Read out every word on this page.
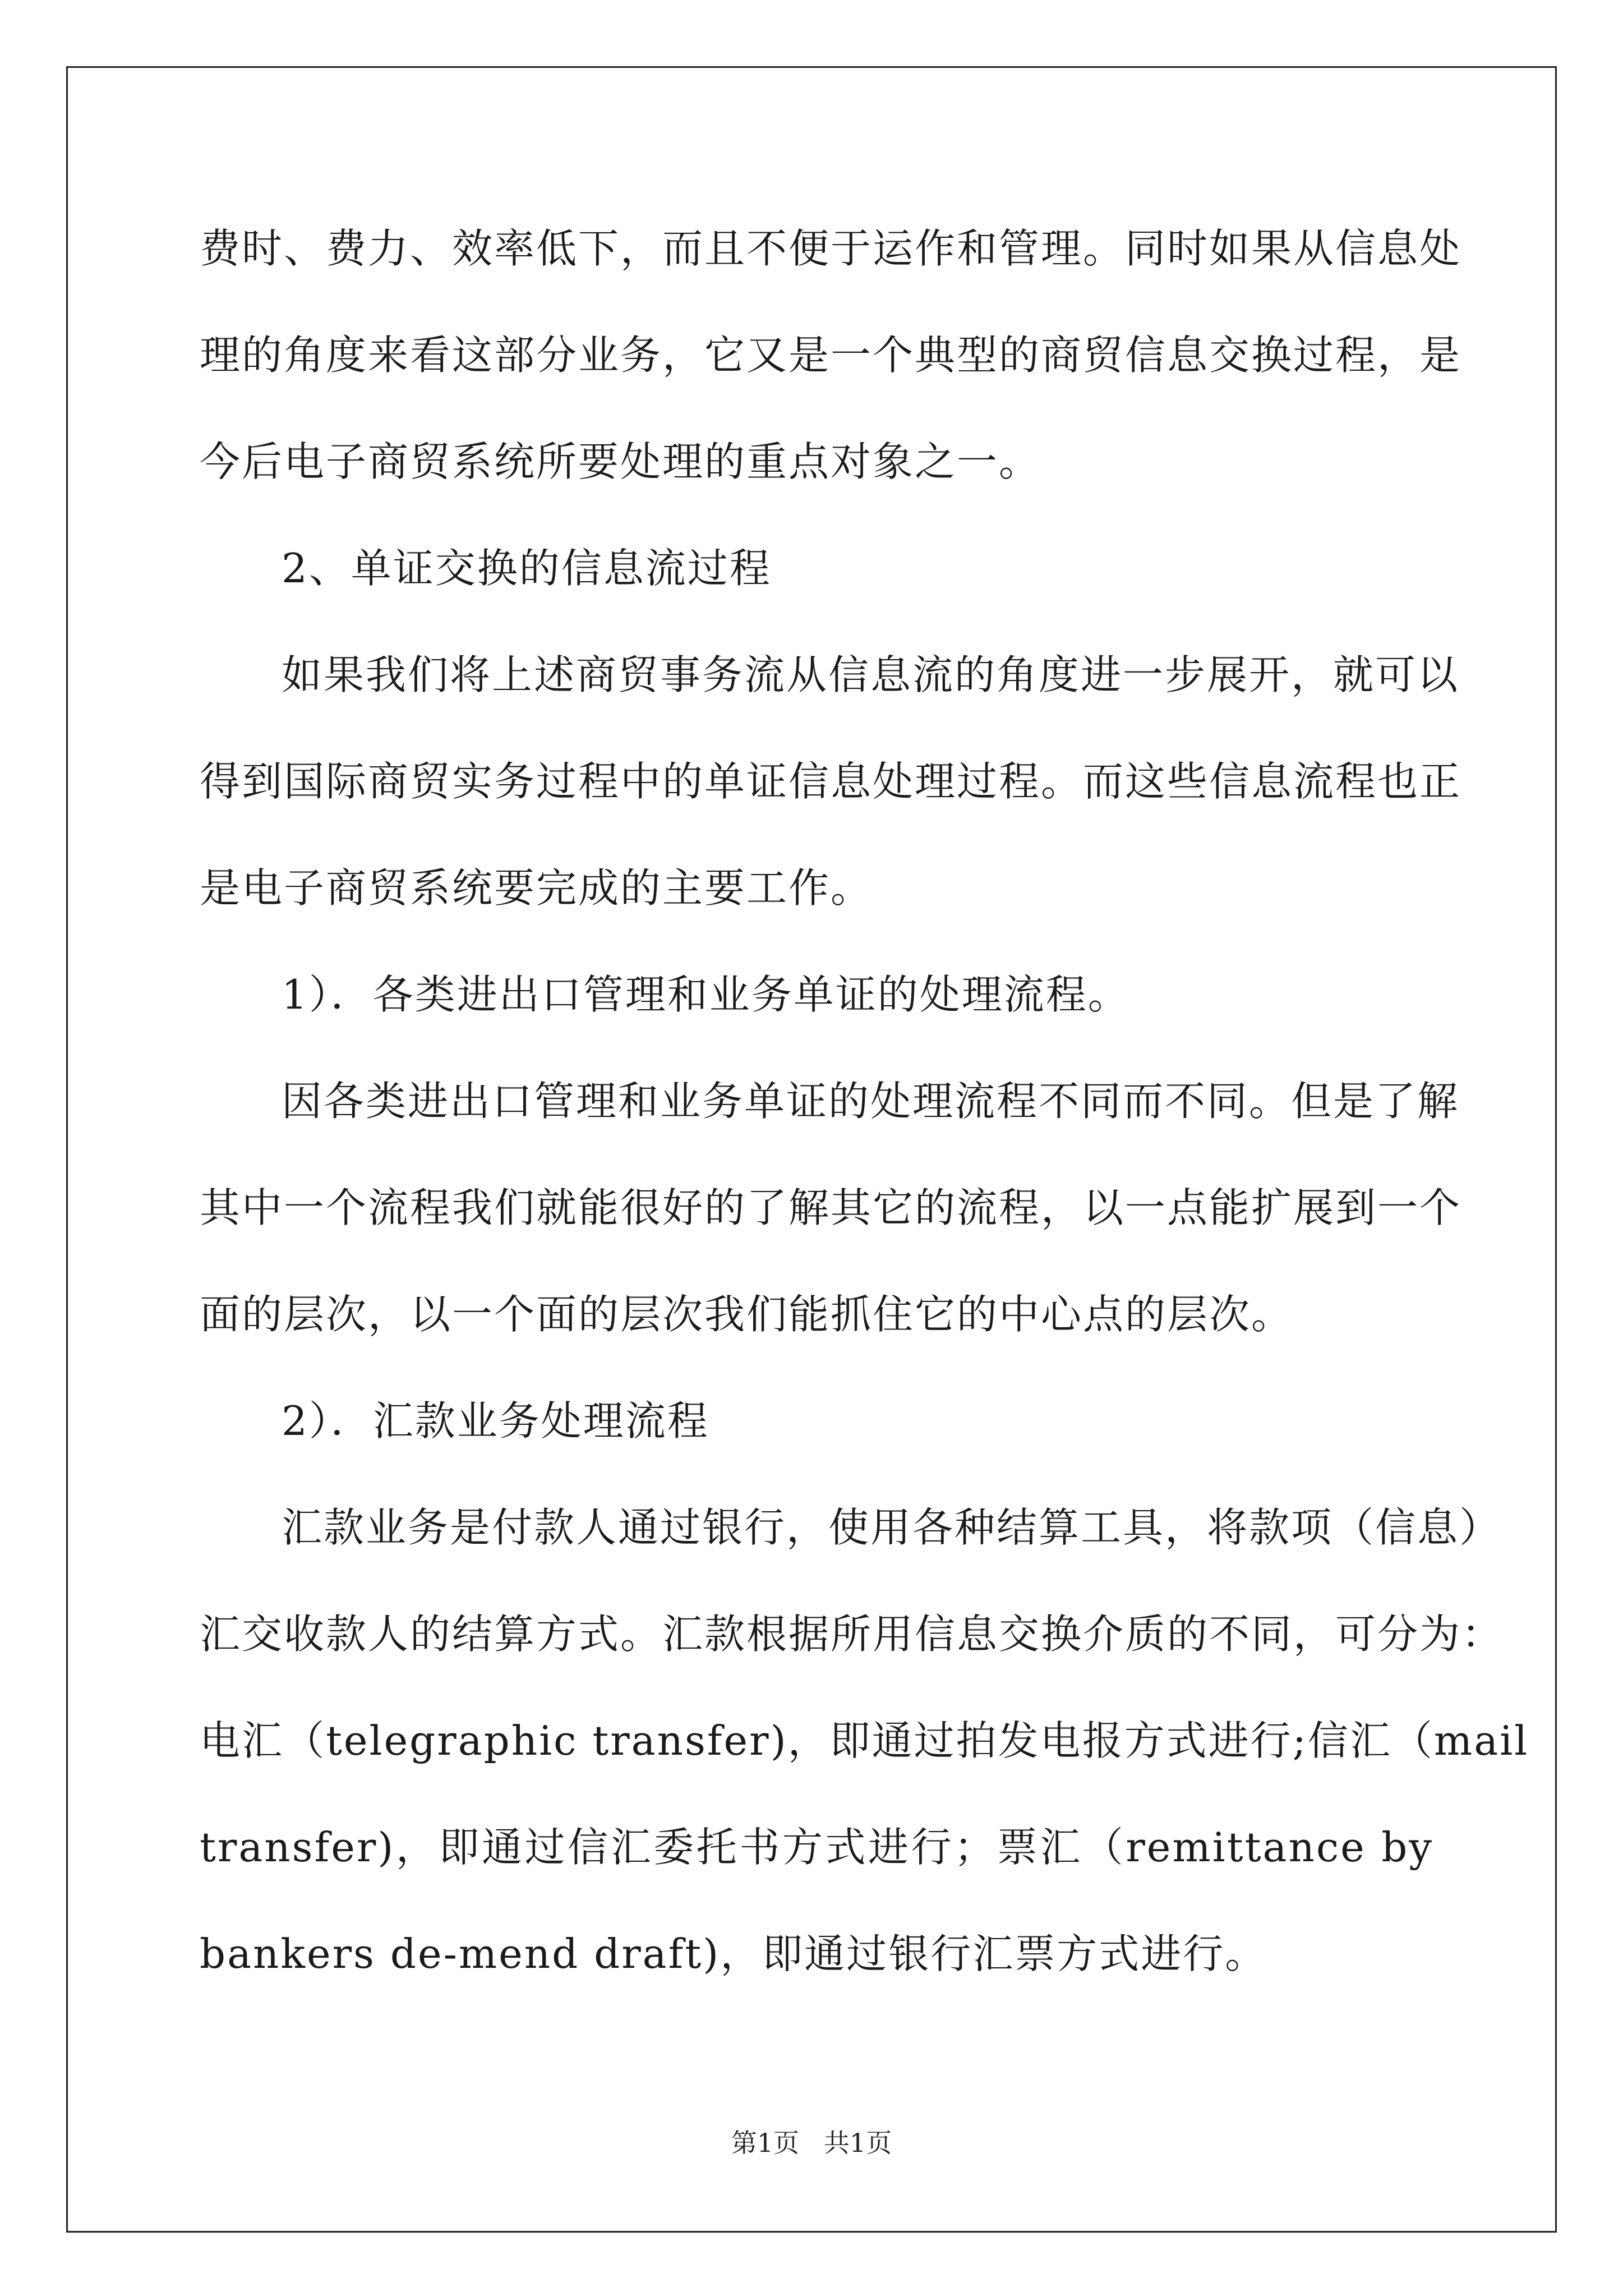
费时、费力、效率低下，而且不便于运作和管理。同时如果从信息处
理的角度来看这部分业务，它又是一个典型的商贸信息交换过程，是
今后电子商贸系统所要处理的重点对象之一。
2、单证交换的信息流过程
如果我们将上述商贸事务流从信息流的角度进一步展开，就可以
得到国际商贸实务过程中的单证信息处理过程。而这些信息流程也正
是电子商贸系统要完成的主要工作。
1）．各类进出口管理和业务单证的处理流程。
因各类进出口管理和业务单证的处理流程不同而不同。但是了解
其中一个流程我们就能很好的了解其它的流程，以一点能扩展到一个
面的层次，以一个面的层次我们能抓住它的中心点的层次。
2）．汇款业务处理流程
汇款业务是付款人通过银行，使用各种结算工具，将款项（信息）
汇交收款人的结算方式。汇款根据所用信息交换介质的不同，可分为：
电汇（telegraphic transfer)，即通过拍发电报方式进行;信汇（mail
transfer)，即通过信汇委托书方式进行；票汇（remittance by
bankers de-mend draft)，即通过银行汇票方式进行。
第1页   共1页
